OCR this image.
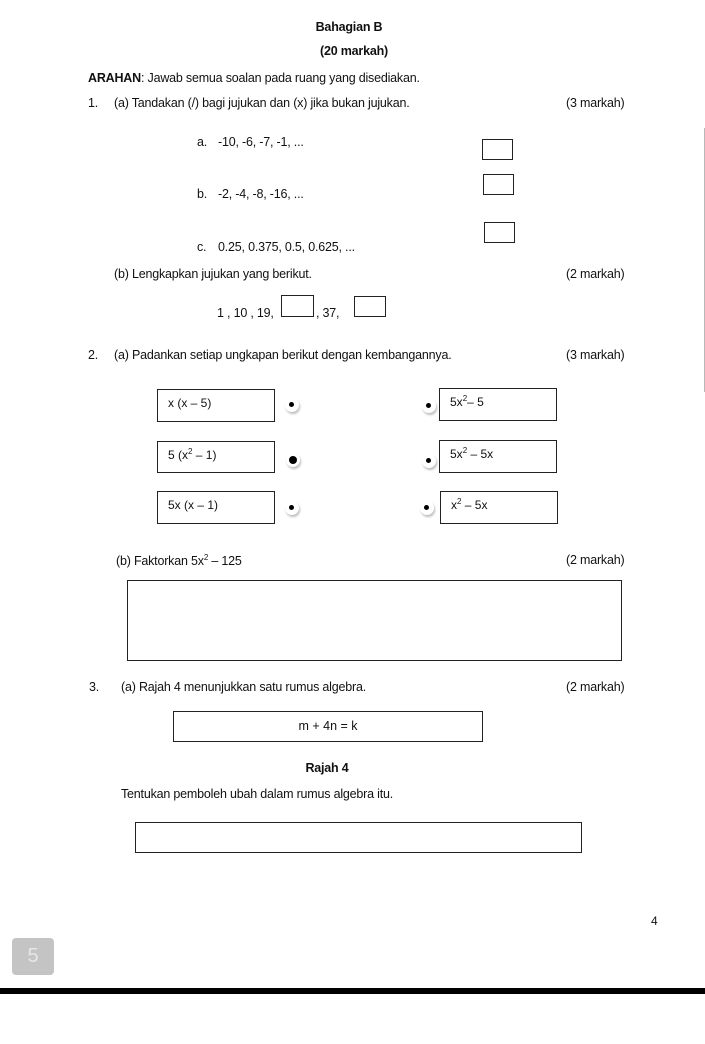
Bahagian B
(20 markah)
ARAHAN: Jawab semua soalan pada ruang yang disediakan.
1. (a) Tandakan (/) bagi jujukan dan (x) jika bukan jujukan.	(3 markah)
a. -10, -6, -7, -1, ...
b. -2, -4, -8, -16, ...
c. 0.25, 0.375, 0.5, 0.625, ...
(b) Lengkapkan jujukan yang berikut.	(2 markah)
1 , 10 , 19,	, 37,
2. (a) Padankan setiap ungkapan berikut dengan kembangannya.	(3 markah)
x (x – 5)
5 $(x^2 - 1)$
5x (x – 1)
$5x^2-$ 5
$5x^2 - 5x$
$x^2 - 5x$
(b) Faktorkan $5x^2 - 125$	(2 markah)
3. (a) Rajah 4 menunjukkan satu rumus algebra.	(2 markah)
m + 4n = k
Rajah 4
Tentukan pemboleh ubah dalam rumus algebra itu.
4
5
